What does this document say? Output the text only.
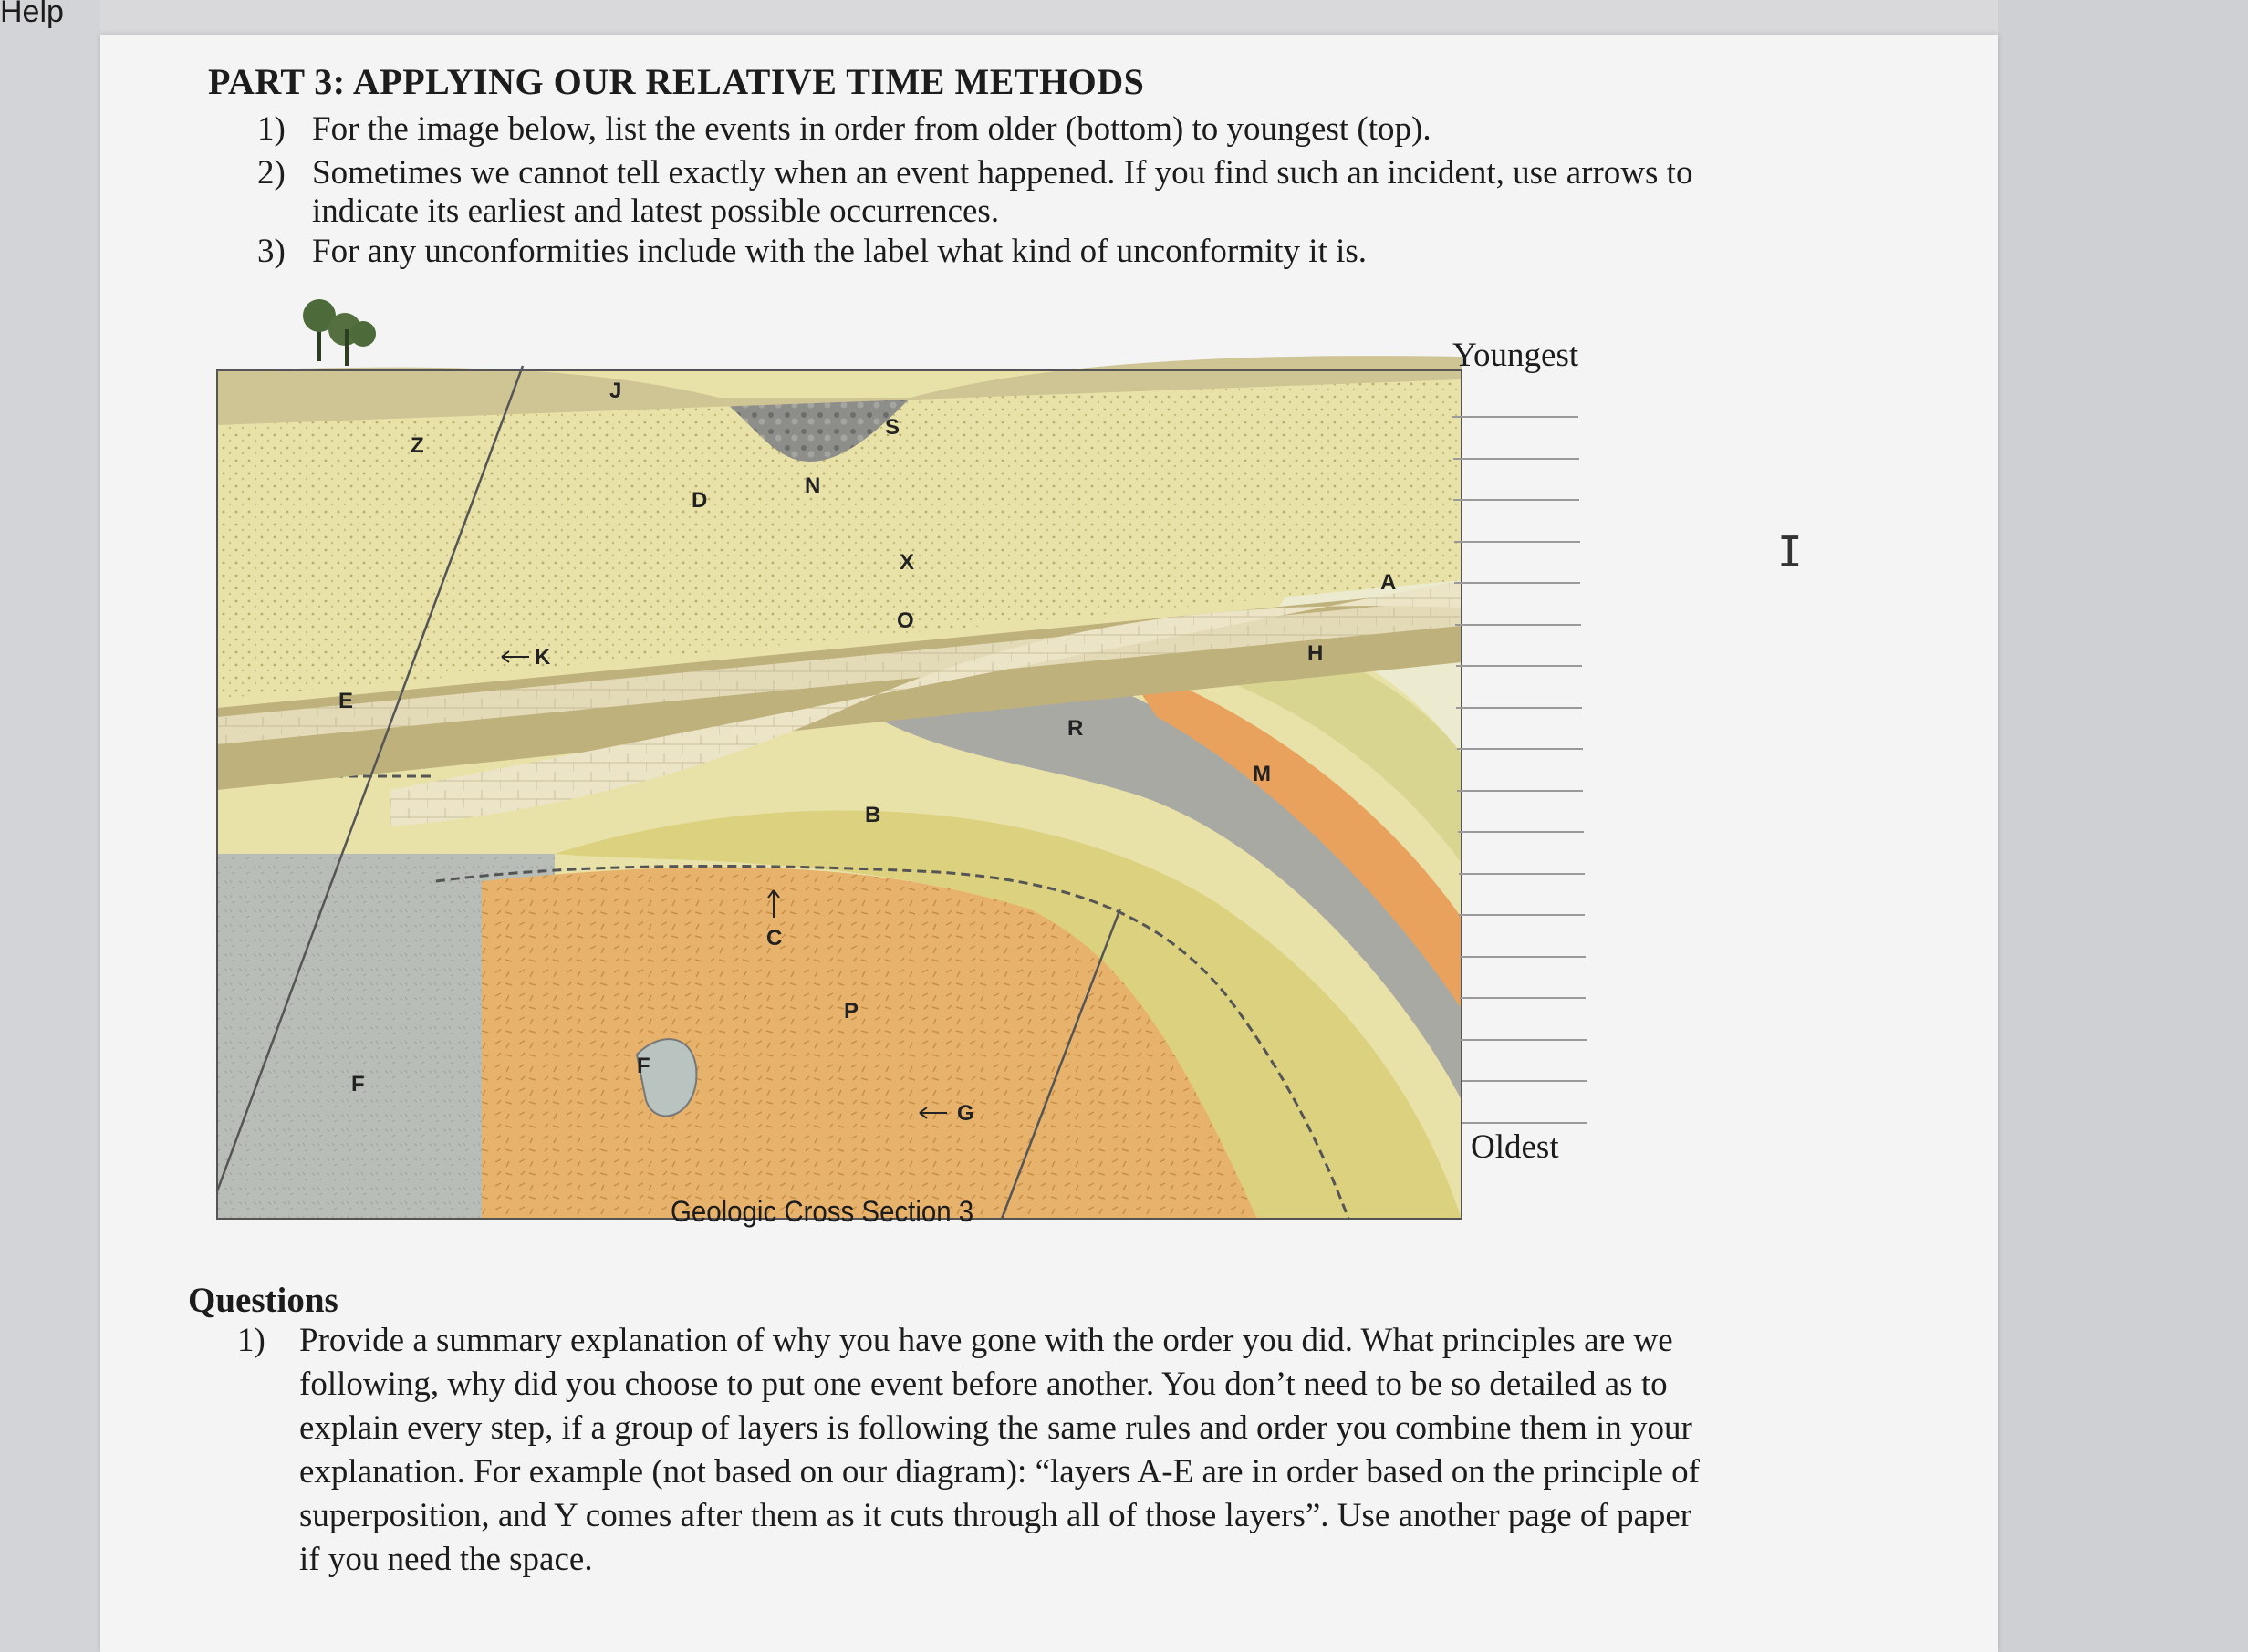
Help
PART 3: APPLYING OUR RELATIVE TIME METHODS
1) For the image below, list the events in order from older (bottom) to youngest (top).
2) Sometimes we cannot tell exactly when an event happened. If you find such an incident, use arrows to
indicate its earliest and latest possible occurrences.
3) For any unconformities include with the label what kind of unconformity it is.
J
Z
D
N
S
X
O
A
K	H
E
R
M
B
C
P
F
F
G
Geologic Cross Section 3
Youngest
Oldest
I
Questions
1) Provide a summary explanation of why you have gone with the order you did. What principles are we
following, why did you choose to put one event before another. You don’t need to be so detailed as to
explain every step, if a group of layers is following the same rules and order you combine them in your
explanation. For example (not based on our diagram): “layers A-E are in order based on the principle of
superposition, and Y comes after them as it cuts through all of those layers”. Use another page of paper
if you need the space.
